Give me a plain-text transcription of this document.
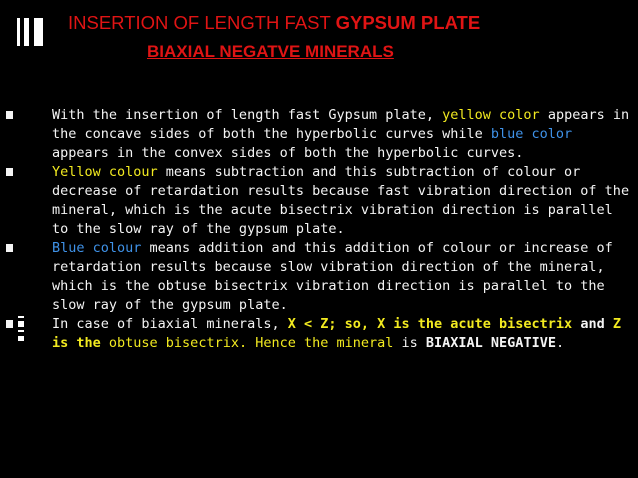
INSERTION OF LENGTH FAST GYPSUM PLATE
BIAXIAL NEGATVE MINERALS
With the insertion of length fast Gypsum plate, yellow color appears in the concave sides of both the hyperbolic curves while blue color appears in the convex sides of both the hyperbolic curves.
Yellow colour means subtraction and this subtraction of colour or decrease of retardation results because fast vibration direction of the mineral, which is the acute bisectrix vibration direction is parallel to the slow ray of the gypsum plate.
Blue colour means addition and this addition of colour or increase of retardation results because slow vibration direction of the mineral, which is the obtuse bisectrix vibration direction is parallel to the slow ray of the gypsum plate.
In case of biaxial minerals, X < Z; so, X is the acute bisectrix and Z is the obtuse bisectrix. Hence the mineral is BIAXIAL NEGATIVE.
